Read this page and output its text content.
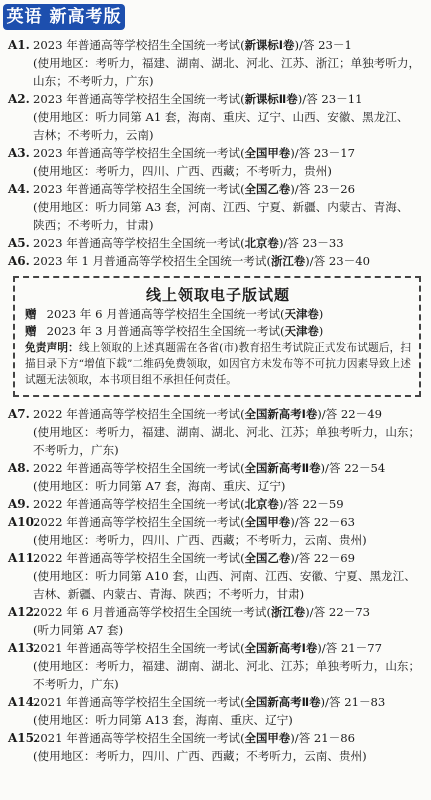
英语 新高考版
A1. 2023 年普通高等学校招生全国统一考试(新课标Ⅰ卷)/答 23－1
(使用地区：考听力，福建、湖南、湖北、河北、江苏、浙江；单独考听力，
山东；不考听力，广东)
A2. 2023 年普通高等学校招生全国统一考试(新课标Ⅱ卷)/答 23－11
(使用地区：听力同第 A1 套，海南、重庆、辽宁、山西、安徽、黑龙江、
吉林；不考听力，云南)
A3. 2023 年普通高等学校招生全国统一考试(全国甲卷)/答 23－17
(使用地区：考听力，四川、广西、西藏；不考听力，贵州)
A4. 2023 年普通高等学校招生全国统一考试(全国乙卷)/答 23－26
(使用地区：听力同第 A3 套，河南、江西、宁夏、新疆、内蒙古、青海、
陕西；不考听力，甘肃)
A5. 2023 年普通高等学校招生全国统一考试(北京卷)/答 23－33
A6. 2023 年 1 月普通高等学校招生全国统一考试(浙江卷)/答 23－40
线上领取电子版试题
赠 2023 年 6 月普通高等学校招生全国统一考试(天津卷)
赠 2023 年 3 月普通高等学校招生全国统一考试(天津卷)
免责声明：线上领取的上述真题需在各省(市)教育招生考试院正式发布试题后，扫描目录下方“增值下载”二维码免费领取，如因官方未发布等不可抗力因素导致上述试题无法领取，本书项目组不承担任何责任。
A7. 2022 年普通高等学校招生全国统一考试(全国新高考Ⅰ卷)/答 22－49
(使用地区：考听力，福建、湖南、湖北、河北、江苏；单独考听力，山东；
不考听力，广东)
A8. 2022 年普通高等学校招生全国统一考试(全国新高考Ⅱ卷)/答 22－54
(使用地区：听力同第 A7 套，海南、重庆、辽宁)
A9. 2022 年普通高等学校招生全国统一考试(北京卷)/答 22－59
A10.
2022 年普通高等学校招生全国统一考试(全国甲卷)/答 22－63
(使用地区：考听力，四川、广西、西藏；不考听力，云南、贵州)
A11.
2022 年普通高等学校招生全国统一考试(全国乙卷)/答 22－69
(使用地区：听力同第 A10 套，山西、河南、江西、安徽、宁夏、黑龙江、
吉林、新疆、内蒙古、青海、陕西；不考听力，甘肃)
A12.
2022 年 6 月普通高等学校招生全国统一考试(浙江卷)/答 22－73
(听力同第 A7 套)
A13.
2021 年普通高等学校招生全国统一考试(全国新高考Ⅰ卷)/答 21－77
(使用地区：考听力，福建、湖南、湖北、河北、江苏；单独考听力，山东；
不考听力，广东)
A14.
2021 年普通高等学校招生全国统一考试(全国新高考Ⅱ卷)/答 21－83
(使用地区：听力同第 A13 套，海南、重庆、辽宁)
A15.
2021 年普通高等学校招生全国统一考试(全国甲卷)/答 21－86
(使用地区：考听力，四川、广西、西藏；不考听力，云南、贵州)
